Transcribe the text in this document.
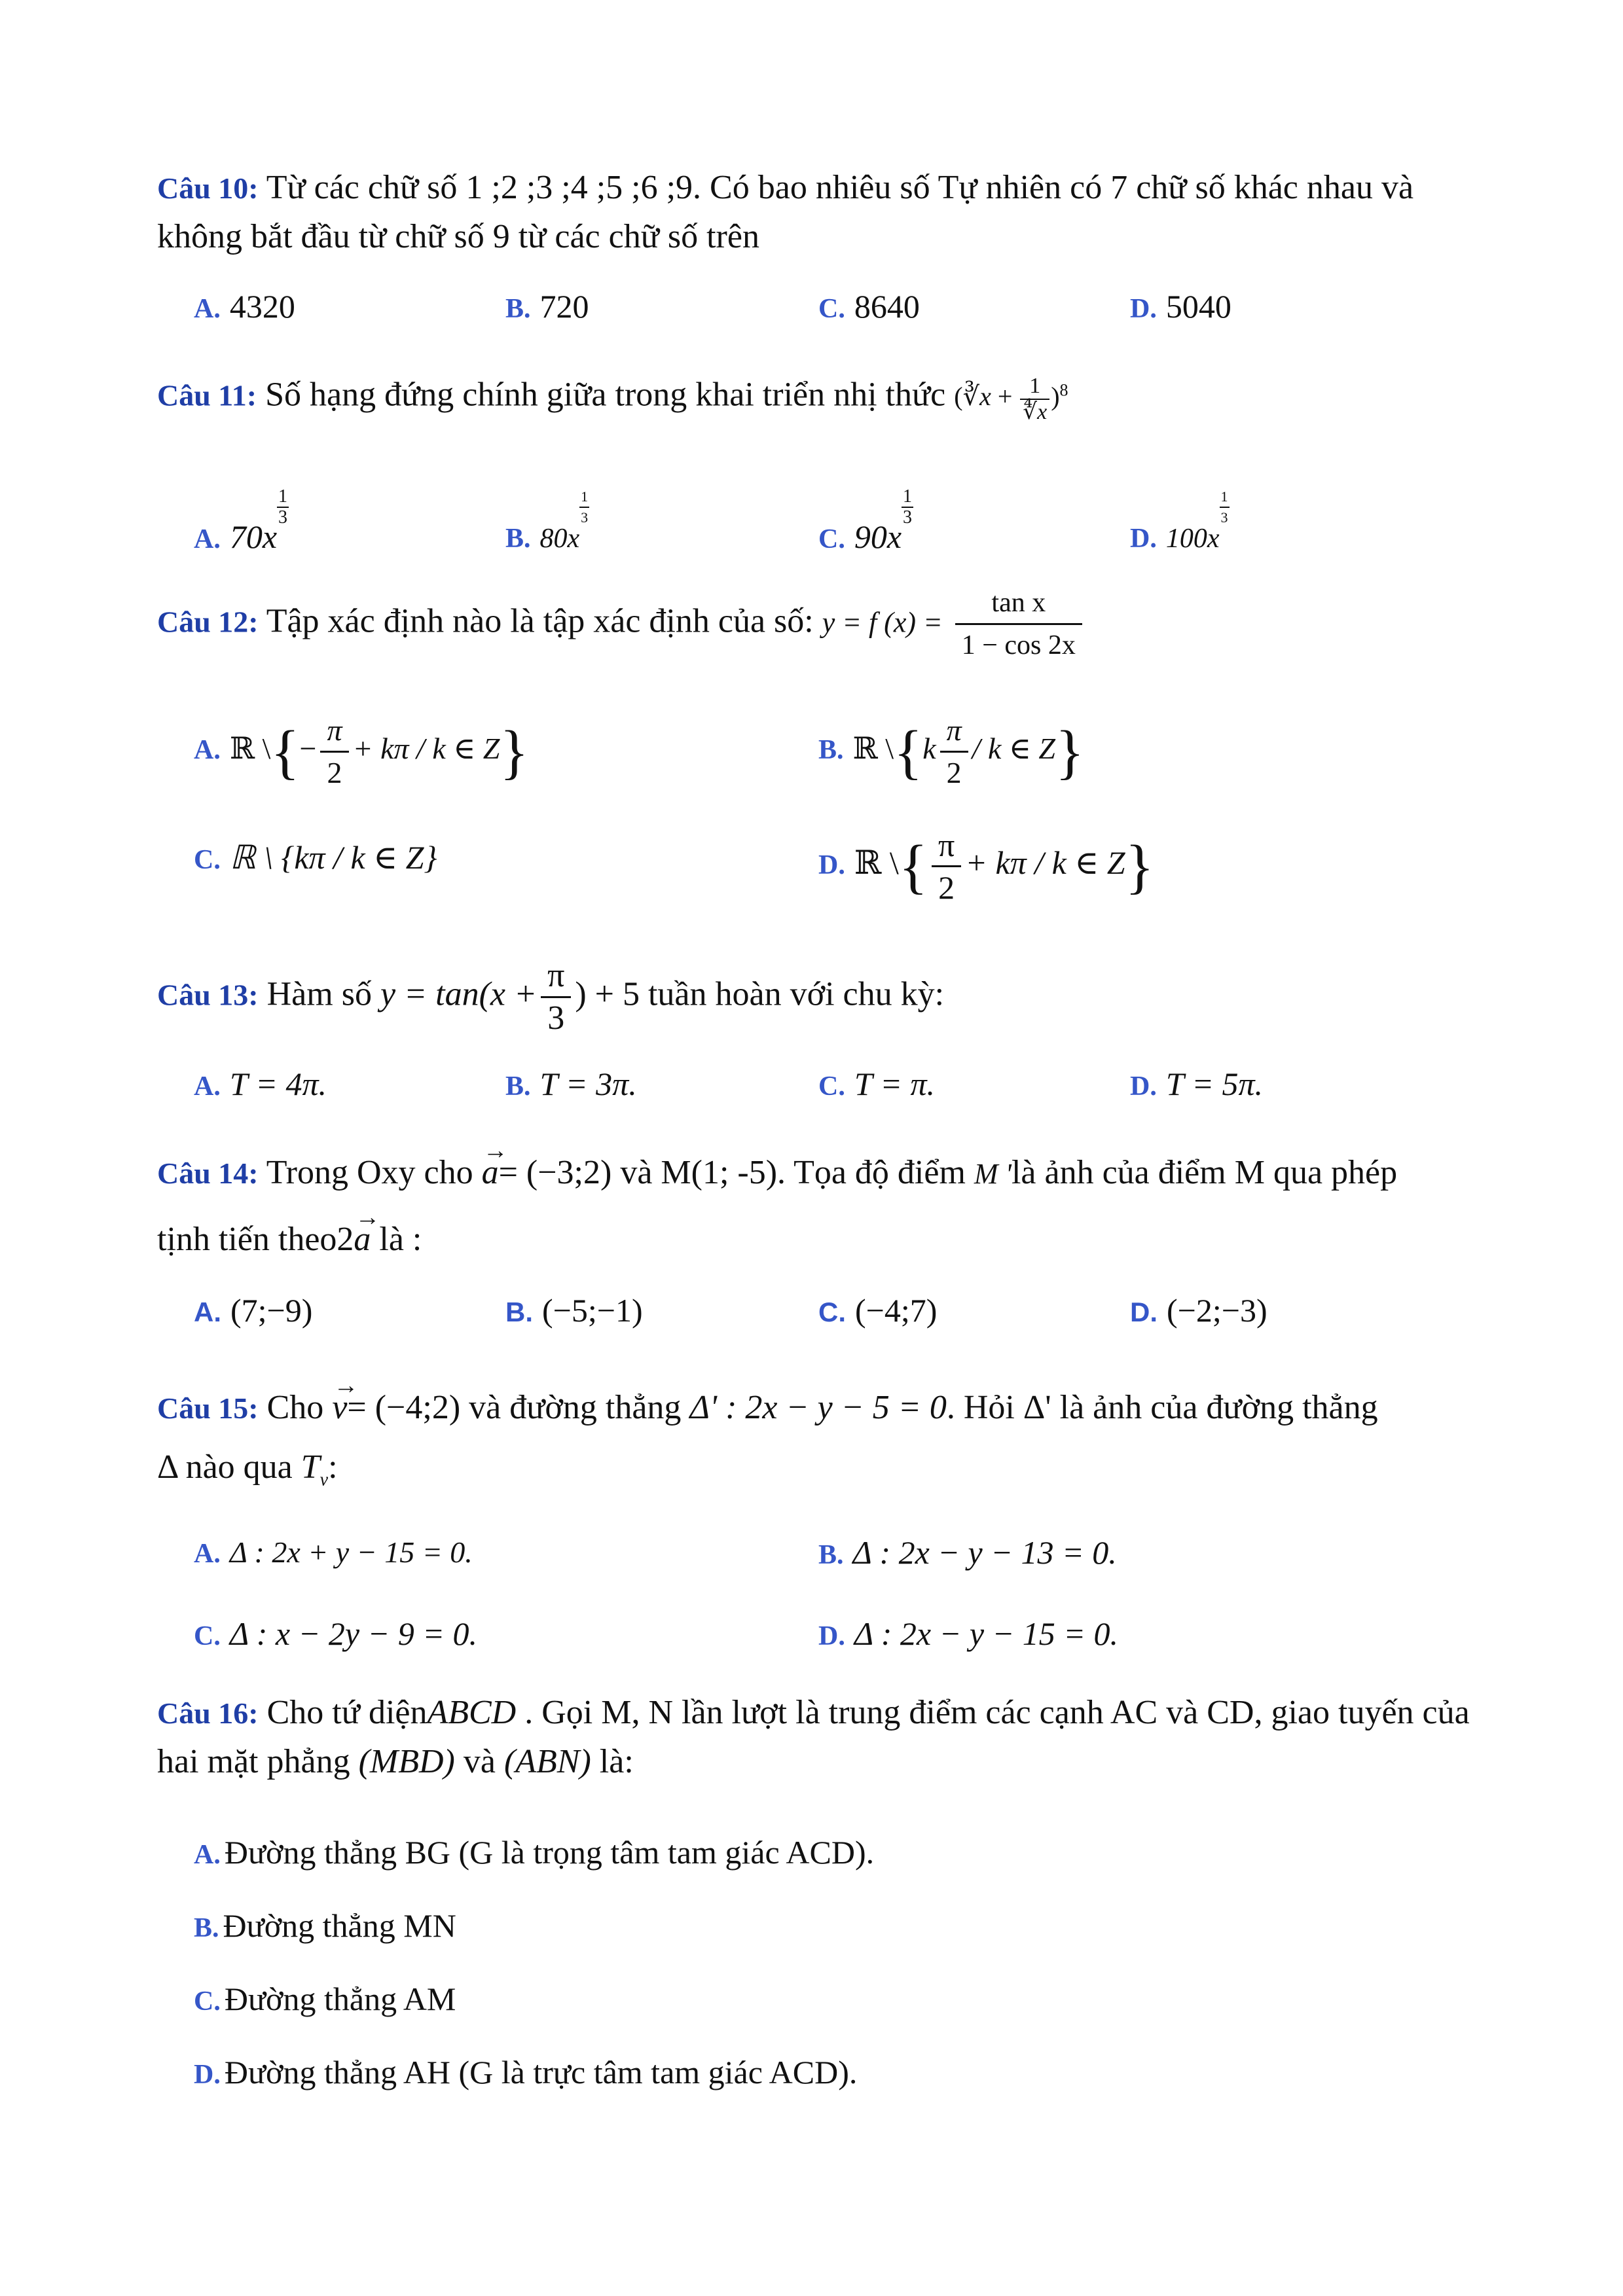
Câu 10: Từ các chữ số 1 ;2 ;3 ;4 ;5 ;6 ;9. Có bao nhiêu số Tự nhiên có 7 chữ số khác nhau và không bắt đầu từ chữ số 9 từ các chữ số trên
A. 4320	B. 720	C. 8640	D. 5040
Câu 11: Số hạng đứng chính giữa trong khai triển nhị thức (∛x + $\frac{1}{∜x} )^8$
A. 70x
$\frac{1}{3}$
B. 80x
$\frac{1}{3}$
C. 90x
$\frac{1}{3}$
D. 100x
$\frac{1}{3}$
Câu 12: Tập xác định nào là tập xác định của số: y = f $(x) = \frac{\text{tan x}}{1 - \cos 2x}$
A. ℝ \{− $\frac{\pi}{2} + k\pi / k$ ∈ Z}	B. ℝ \{k $\frac{\pi}{2}$ / k ∈ Z}
C. ℝ \ {kπ / k ∈ Z}	D. ℝ \{ $\frac{\pi}{2} + k\pi / k$ ∈ Z}
Câu 13: Hàm số $y = \tan(x + \frac{\pi}{3}$ ) + 5 tuần hoàn với chu kỳ:
A. T = 4π.	B. T = 3π.	C. T = π.	D. T = 5π.
Câu 14: Trong Oxy cho
→
a= (−3;2) và M(1; -5). Tọa độ điểm M 'là ảnh của điểm M qua phép
tịnh tiến theo2
→
a là :
A. (7;−9)	B. (−5;−1)	C. (−4;7)	D. (−2;−3)
Câu 15: Cho
→
v= (−4;2) và đường thẳng Δ' : 2x − y − 5 = 0. Hỏi Δ' là ảnh của đường thẳng
Δ nào qua $T_v$:
A. Δ : 2x + y − 15 = 0.	B. Δ : 2x − y − 13 = 0.
C. Δ : x − 2y − 9 = 0.	D. Δ : 2x − y − 15 = 0.
Câu 16: Cho tứ diệnABCD . Gọi M, N lần lượt là trung điểm các cạnh AC và CD, giao tuyến của hai mặt phẳng (MBD) và (ABN) là:
A. Đường thẳng BG (G là trọng tâm tam giác ACD).
B. Đường thẳng MN
C. Đường thẳng AM
D. Đường thẳng AH (G là trực tâm tam giác ACD).
